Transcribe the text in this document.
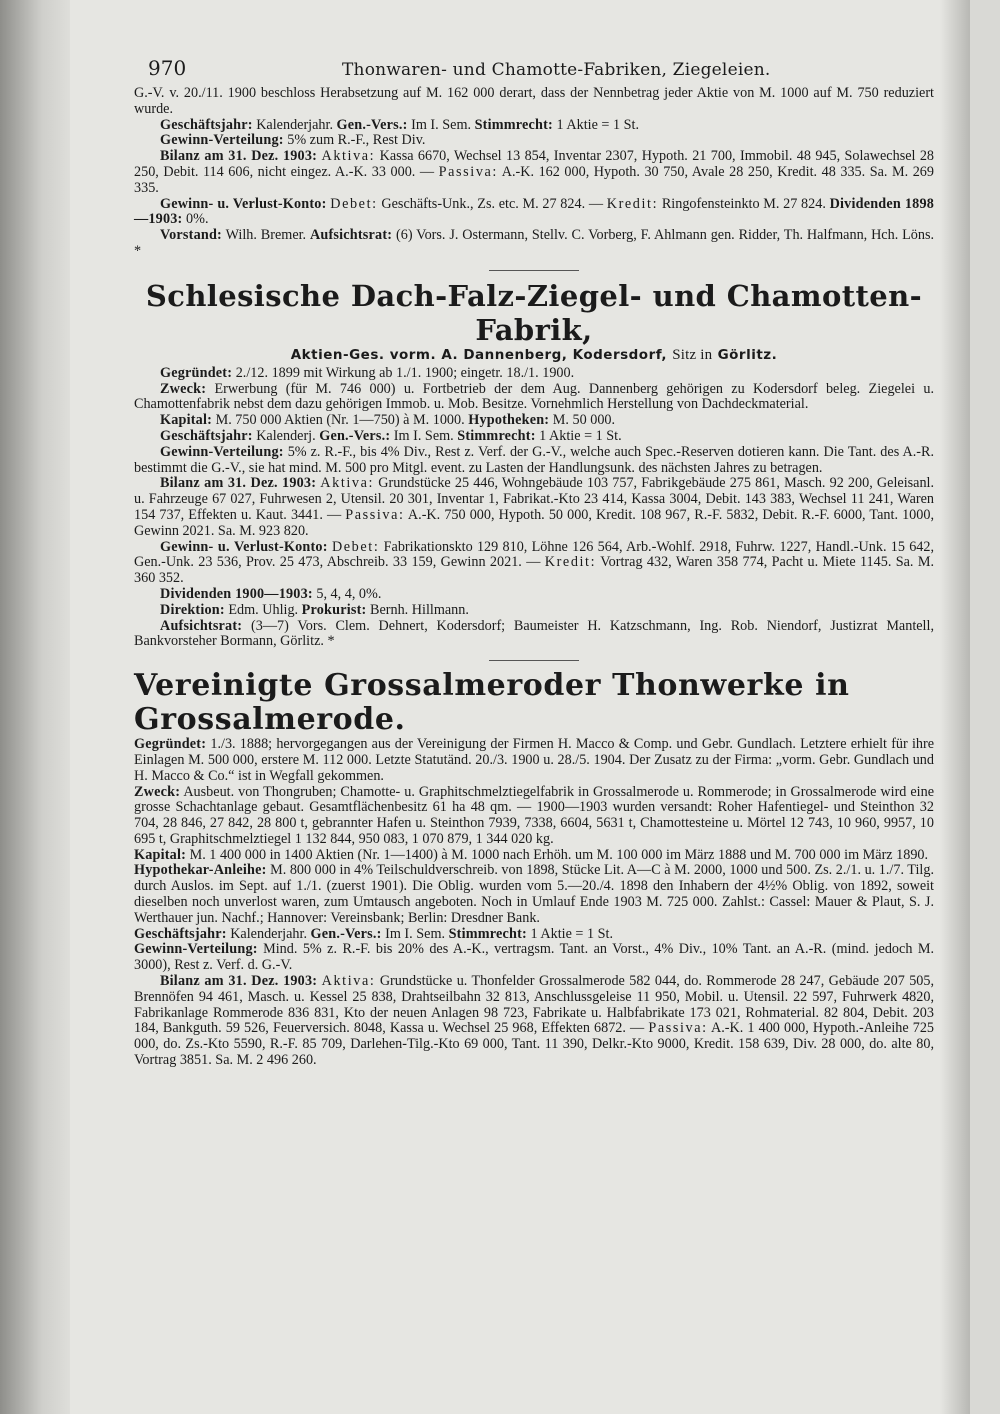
970	Thonwaren- und Chamotte-Fabriken, Ziegeleien.

G.-V. v. 20./11. 1900 beschloss Herabsetzung auf M. 162 000 derart, dass der Nennbetrag jeder Aktie von M. 1000 auf M. 750 reduziert wurde.

Geschäftsjahr: Kalenderjahr. Gen.-Vers.: Im I. Sem. Stimmrecht: 1 Aktie = 1 St.

Gewinn-Verteilung: 5% zum R.-F., Rest Div.

Bilanz am 31. Dez. 1903: Aktiva: Kassa 6670, Wechsel 13 854, Inventar 2307, Hypoth. 21 700, Immobil. 48 945, Solawechsel 28 250, Debit. 114 606, nicht eingez. A.-K. 33 000. — Passiva: A.-K. 162 000, Hypoth. 30 750, Avale 28 250, Kredit. 48 335. Sa. M. 269 335.

Gewinn- u. Verlust-Konto: Debet: Geschäfts-Unk., Zs. etc. M. 27 824. — Kredit: Ringofensteinkto M. 27 824. Dividenden 1898—1903: 0%.

Vorstand: Wilh. Bremer. Aufsichtsrat: (6) Vors. J. Ostermann, Stellv. C. Vorberg, F. Ahlmann gen. Ridder, Th. Halfmann, Hch. Löns. *

Schlesische Dach-Falz-Ziegel- und Chamotten-Fabrik,
Aktien-Ges. vorm. A. Dannenberg, Kodersdorf, Sitz in Görlitz.

Gegründet: 2./12. 1899 mit Wirkung ab 1./1. 1900; eingetr. 18./1. 1900.

Zweck: Erwerbung (für M. 746 000) u. Fortbetrieb der dem Aug. Dannenberg gehörigen zu Kodersdorf beleg. Ziegelei u. Chamottenfabrik nebst dem dazu gehörigen Immob. u. Mob. Besitze. Vornehmlich Herstellung von Dachdeckmaterial.

Kapital: M. 750 000 Aktien (Nr. 1—750) à M. 1000. Hypotheken: M. 50 000.

Geschäftsjahr: Kalenderj. Gen.-Vers.: Im I. Sem. Stimmrecht: 1 Aktie = 1 St.

Gewinn-Verteilung: 5% z. R.-F., bis 4% Div., Rest z. Verf. der G.-V., welche auch Spec.-Reserven dotieren kann. Die Tant. des A.-R. bestimmt die G.-V., sie hat mind. M. 500 pro Mitgl. event. zu Lasten der Handlungsunk. des nächsten Jahres zu betragen.

Bilanz am 31. Dez. 1903: Aktiva: Grundstücke 25 446, Wohngebäude 103 757, Fabrikgebäude 275 861, Masch. 92 200, Geleisanl. u. Fahrzeuge 67 027, Fuhrwesen 2, Utensil. 20 301, Inventar 1, Fabrikat.-Kto 23 414, Kassa 3004, Debit. 143 383, Wechsel 11 241, Waren 154 737, Effekten u. Kaut. 3441. — Passiva: A.-K. 750 000, Hypoth. 50 000, Kredit. 108 967, R.-F. 5832, Debit. R.-F. 6000, Tant. 1000, Gewinn 2021. Sa. M. 923 820.

Gewinn- u. Verlust-Konto: Debet: Fabrikationskto 129 810, Löhne 126 564, Arb.-Wohlf. 2918, Fuhrw. 1227, Handl.-Unk. 15 642, Gen.-Unk. 23 536, Prov. 25 473, Abschreib. 33 159, Gewinn 2021. — Kredit: Vortrag 432, Waren 358 774, Pacht u. Miete 1145. Sa. M. 360 352.

Dividenden 1900—1903: 5, 4, 4, 0%.

Direktion: Edm. Uhlig. Prokurist: Bernh. Hillmann.

Aufsichtsrat: (3—7) Vors. Clem. Dehnert, Kodersdorf; Baumeister H. Katzschmann, Ing. Rob. Niendorf, Justizrat Mantell, Bankvorsteher Bormann, Görlitz. *

Vereinigte Grossalmeroder Thonwerke in Grossalmerode.

Gegründet: 1./3. 1888; hervorgegangen aus der Vereinigung der Firmen H. Macco & Comp. und Gebr. Gundlach. Letztere erhielt für ihre Einlagen M. 500 000, erstere M. 112 000. Letzte Statutänd. 20./3. 1900 u. 28./5. 1904. Der Zusatz zu der Firma: „vorm. Gebr. Gundlach und H. Macco & Co.“ ist in Wegfall gekommen.

Zweck: Ausbeut. von Thongruben; Chamotte- u. Graphitschmelztiegelfabrik in Grossalmerode u. Rommerode; in Grossalmerode wird eine grosse Schachtanlage gebaut. Gesamtflächenbesitz 61 ha 48 qm. — 1900—1903 wurden versandt: Roher Hafentiegel- und Steinthon 32 704, 28 846, 27 842, 28 800 t, gebrannter Hafen u. Steinthon 7939, 7338, 6604, 5631 t, Chamottesteine u. Mörtel 12 743, 10 960, 9957, 10 695 t, Graphitschmelztiegel 1 132 844, 950 083, 1 070 879, 1 344 020 kg.

Kapital: M. 1 400 000 in 1400 Aktien (Nr. 1—1400) à M. 1000 nach Erhöh. um M. 100 000 im März 1888 und M. 700 000 im März 1890.

Hypothekar-Anleihe: M. 800 000 in 4% Teilschuldverschreib. von 1898, Stücke Lit. A—C à M. 2000, 1000 und 500. Zs. 2./1. u. 1./7. Tilg. durch Auslos. im Sept. auf 1./1. (zuerst 1901). Die Oblig. wurden vom 5.—20./4. 1898 den Inhabern der 4½% Oblig. von 1892, soweit dieselben noch unverlost waren, zum Umtausch angeboten. Noch in Umlauf Ende 1903 M. 725 000. Zahlst.: Cassel: Mauer & Plaut, S. J. Werthauer jun. Nachf.; Hannover: Vereinsbank; Berlin: Dresdner Bank.

Geschäftsjahr: Kalenderjahr. Gen.-Vers.: Im I. Sem. Stimmrecht: 1 Aktie = 1 St.

Gewinn-Verteilung: Mind. 5% z. R.-F. bis 20% des A.-K., vertragsm. Tant. an Vorst., 4% Div., 10% Tant. an A.-R. (mind. jedoch M. 3000), Rest z. Verf. d. G.-V.

Bilanz am 31. Dez. 1903: Aktiva: Grundstücke u. Thonfelder Grossalmerode 582 044, do. Rommerode 28 247, Gebäude 207 505, Brennöfen 94 461, Masch. u. Kessel 25 838, Drahtseilbahn 32 813, Anschlussgeleise 11 950, Mobil. u. Utensil. 22 597, Fuhrwerk 4820, Fabrikanlage Rommerode 836 831, Kto der neuen Anlagen 98 723, Fabrikate u. Halbfabrikate 173 021, Rohmaterial. 82 804, Debit. 203 184, Bankguth. 59 526, Feuerversich. 8048, Kassa u. Wechsel 25 968, Effekten 6872. — Passiva: A.-K. 1 400 000, Hypoth.-Anleihe 725 000, do. Zs.-Kto 5590, R.-F. 85 709, Darlehen-Tilg.-Kto 69 000, Tant. 11 390, Delkr.-Kto 9000, Kredit. 158 639, Div. 28 000, do. alte 80, Vortrag 3851. Sa. M. 2 496 260.
